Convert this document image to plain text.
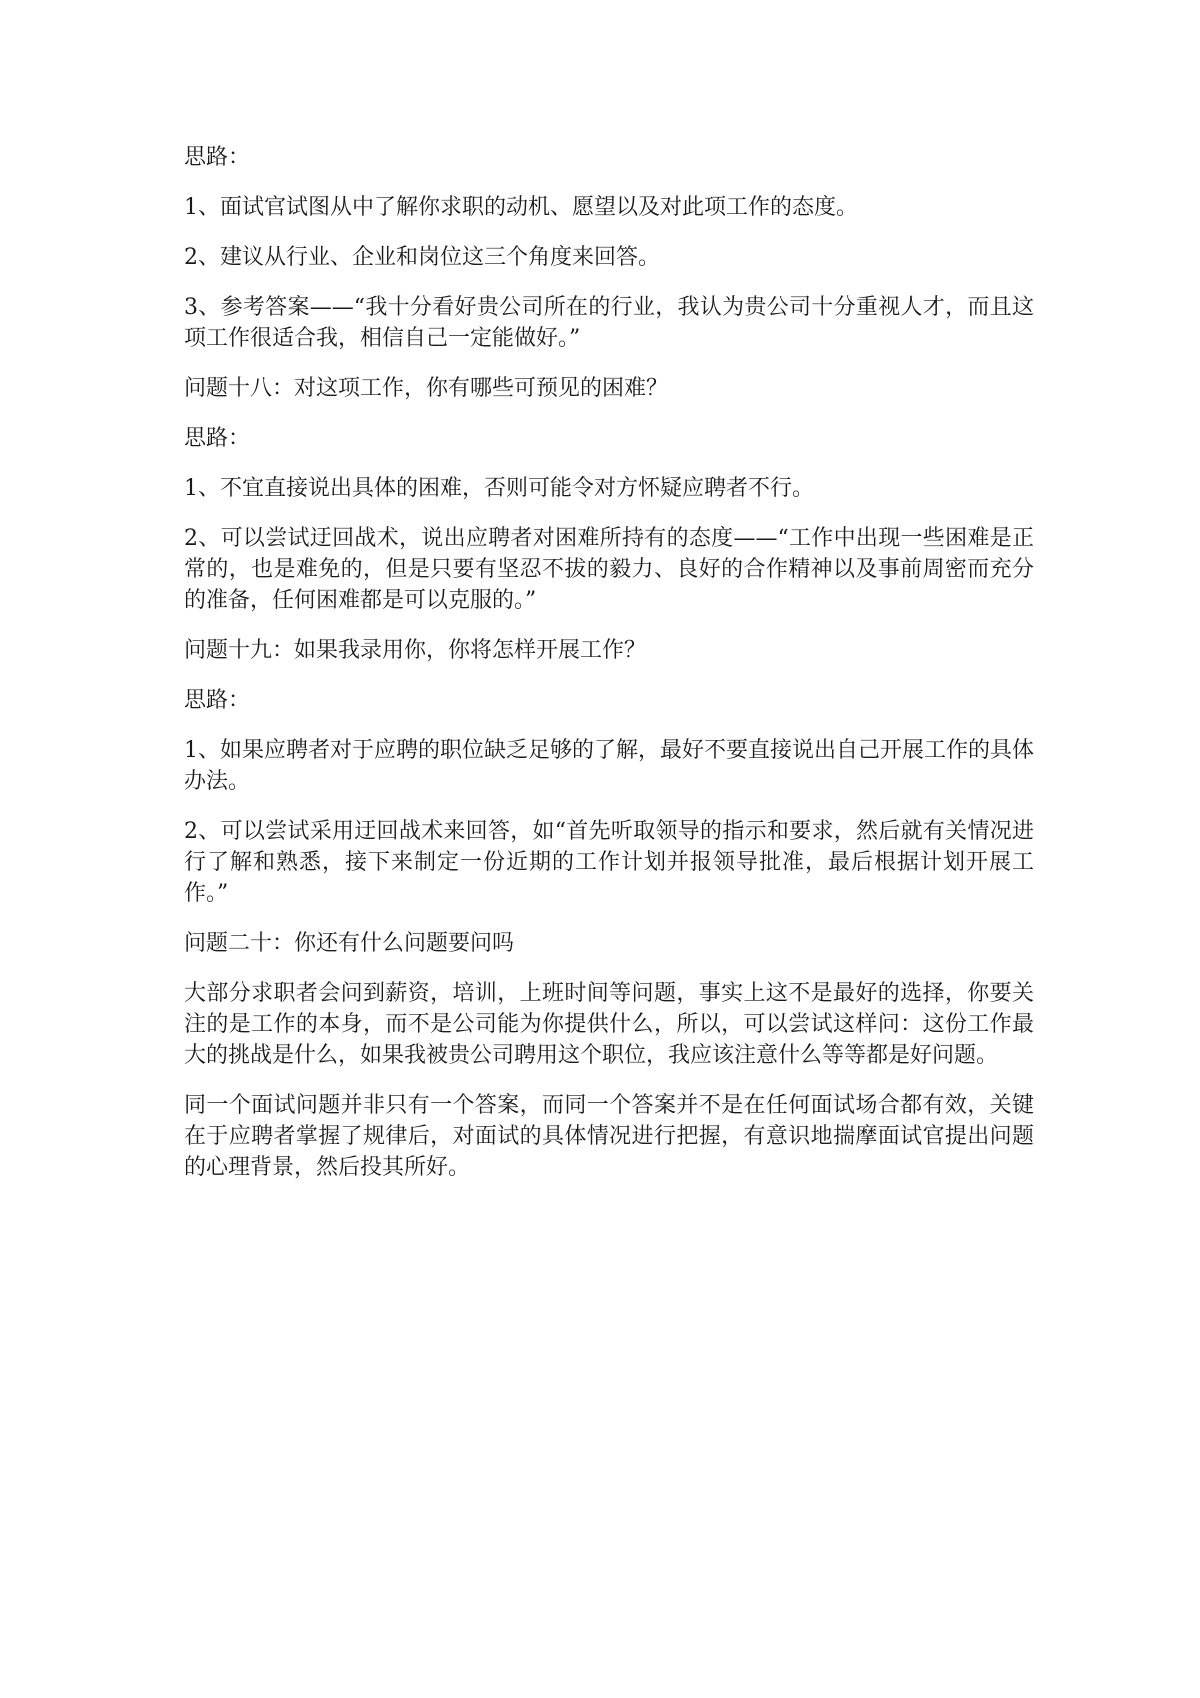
思路：

1、面试官试图从中了解你求职的动机、愿望以及对此项工作的态度。

2、建议从行业、企业和岗位这三个角度来回答。

3、参考答案——“我十分看好贵公司所在的行业，我认为贵公司十分重视人才，而且这项工作很适合我，相信自己一定能做好。”

问题十八：对这项工作，你有哪些可预见的困难？

思路：

1、不宜直接说出具体的困难，否则可能令对方怀疑应聘者不行。

2、可以尝试迂回战术，说出应聘者对困难所持有的态度——“工作中出现一些困难是正常的，也是难免的，但是只要有坚忍不拔的毅力、良好的合作精神以及事前周密而充分的准备，任何困难都是可以克服的。”

问题十九：如果我录用你，你将怎样开展工作？

思路：

1、如果应聘者对于应聘的职位缺乏足够的了解，最好不要直接说出自己开展工作的具体办法。

2、可以尝试采用迂回战术来回答，如“首先听取领导的指示和要求，然后就有关情况进行了解和熟悉，接下来制定一份近期的工作计划并报领导批准，最后根据计划开展工作。”

问题二十：你还有什么问题要问吗

大部分求职者会问到薪资，培训，上班时间等问题，事实上这不是最好的选择，你要关注的是工作的本身，而不是公司能为你提供什么，所以，可以尝试这样问：这份工作最大的挑战是什么，如果我被贵公司聘用这个职位，我应该注意什么等等都是好问题。

同一个面试问题并非只有一个答案，而同一个答案并不是在任何面试场合都有效，关键在于应聘者掌握了规律后，对面试的具体情况进行把握，有意识地揣摩面试官提出问题的心理背景，然后投其所好。
